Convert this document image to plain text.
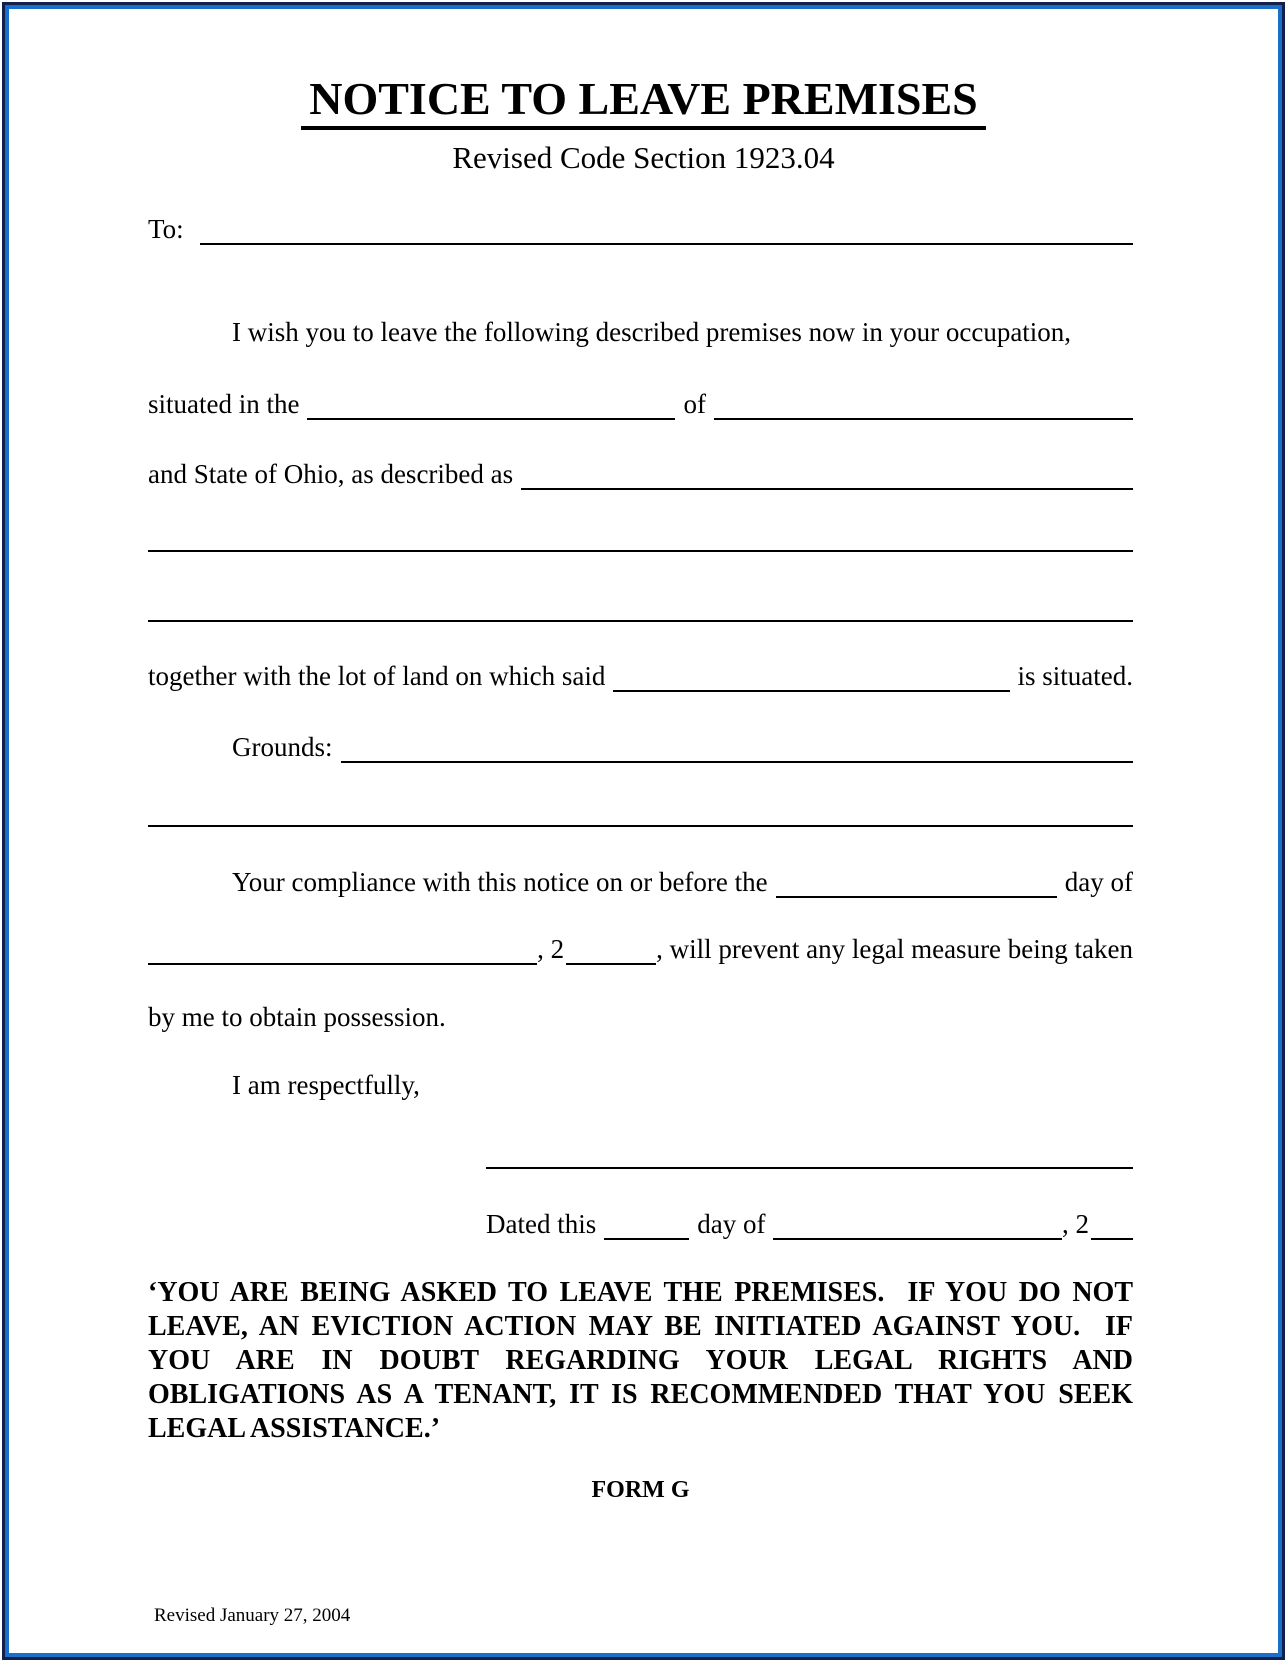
NOTICE TO LEAVE PREMISES
Revised Code Section 1923.04
To:
I wish you to leave the following described premises now in your occupation,
situated in the	of
and State of Ohio, as described as
together with the lot of land on which said	is situated.
Grounds:
Your compliance with this notice on or before the	day of
, 2	, will prevent any legal measure being taken
by me to obtain possession.
I am respectfully,
Dated this	day of	, 2
‘YOU ARE BEING ASKED TO LEAVE THE PREMISES.  IF YOU DO NOT
LEAVE, AN EVICTION ACTION MAY BE INITIATED AGAINST YOU.  IF
YOU ARE IN DOUBT REGARDING YOUR LEGAL RIGHTS AND
OBLIGATIONS AS A TENANT, IT IS RECOMMENDED THAT YOU SEEK
LEGAL ASSISTANCE.’
FORM G
Revised January 27, 2004
